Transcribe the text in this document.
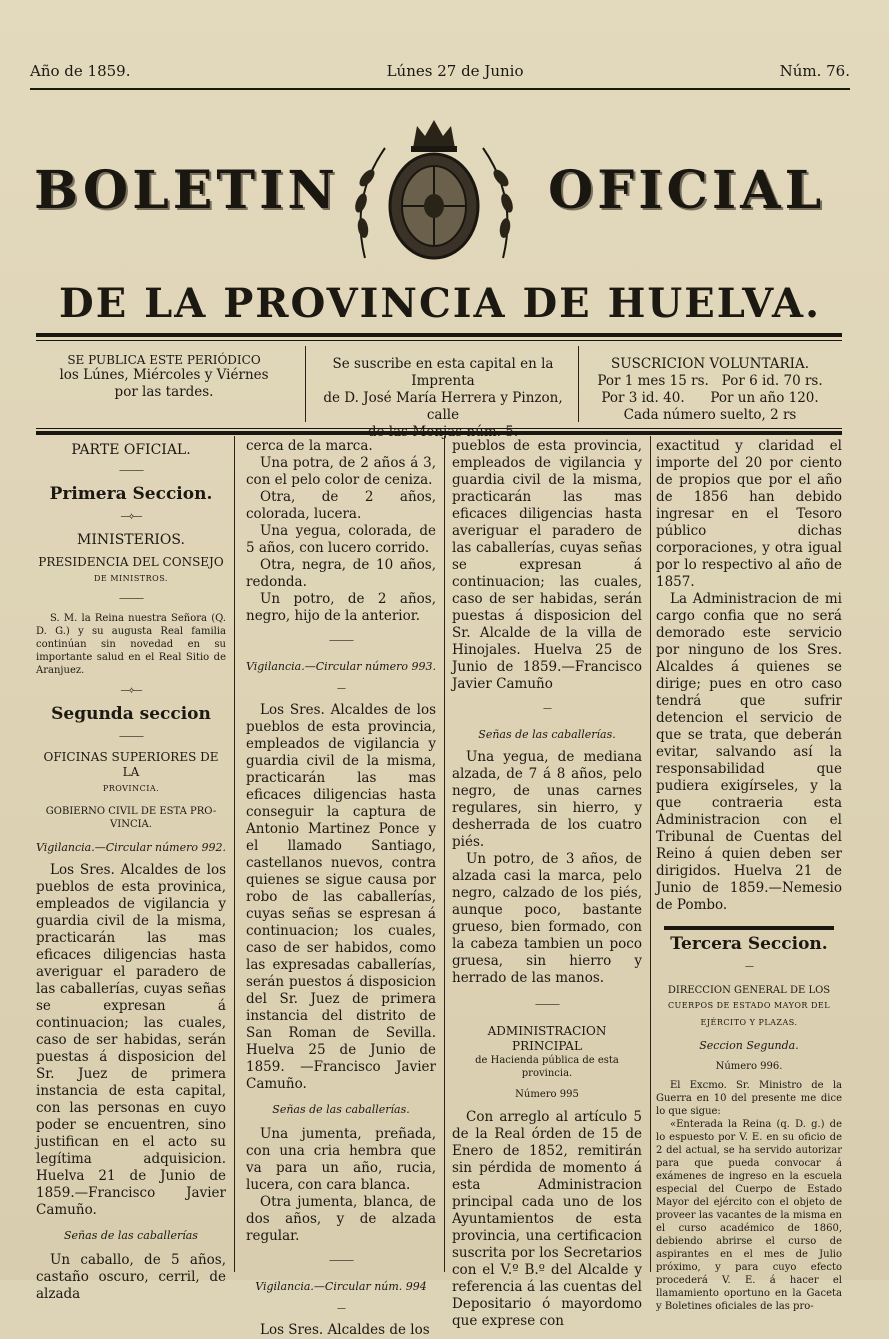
Año de 1859.	Lúnes 27 de Junio	Núm. 76.
BOLETIN	OFICIAL
DE LA PROVINCIA DE HUELVA.
SE PUBLICA ESTE PERIÓDICO
los Lúnes, Miércoles y Viérnes
por las tardes.
Se suscribe en esta capital en la Imprenta
de D. José María Herrera y Pinzon, calle
SUSCRICION VOLUNTARIA.
Por 1 mes 15 rs.   Por 6 id. 70 rs.
Por 3 id. 40.      Por un año 120.
Cada número suelto, 2 rs

PARTE OFICIAL.

———
Primera Seccion.
—⟡—

MINISTERIOS.

PRESIDENCIA DEL CONSEJO

DE MINISTROS.

———

S. M. la Reina nuestra Señora (Q. D. G.) y su augusta Real familia continúan sin novedad en su importante salud en el Real Sitio de Aranjuez.

—⟡—
Segunda seccion
———

OFICINAS SUPERIORES DE LA

PROVINCIA.

GOBIERNO CIVIL DE ESTA PRO-VINCIA.

Vigilancia.—Circular número 992.

Los Sres. Alcaldes de los pueblos de esta provinica, empleados de vigilancia y guardia civil de la misma, practicarán las mas eficaces diligencias hasta averiguar el paradero de las caballerías, cuyas señas se expresan á continuacion; las cuales, caso de ser habidas, serán puestas á disposicion del Sr. Juez de primera instancia de esta capital, con las personas en cuyo poder se encuentren, sino justifican en el acto su legítima adquisicion. Huelva 21 de Junio de 1859.—Francisco Javier Camuño.

Señas de las caballerías

Un caballo, de 5 años, castaño oscuro, cerril, de alzada

cerca de la marca.

Una potra, de 2 años á 3, con el pelo color de ceniza.

Otra, de 2 años, colorada, lucera.

Una yegua, colorada, de 5 años, con lucero corrido.

Otra, negra, de 10 años, redonda.

Un potro, de 2 años, negro, hijo de la anterior.

———

Vigilancia.—Circular número 993.

—

Los Sres. Alcaldes de los pueblos de esta provincia, empleados de vigilancia y guardia civil de la misma, practicarán las mas eficaces diligencias hasta conseguir la captura de Antonio Martinez Ponce y el llamado Santiago, castellanos nuevos, contra quienes se sigue causa por robo de las caballerías, cuyas señas se espresan á continuacion; los cuales, caso de ser habidos, como las expresadas caballerías, serán puestos á disposicion del Sr. Juez de primera instancia del distrito de San Roman de Sevilla. Huelva 25 de Junio de 1859. —Francisco Javier Camuño.

Señas de las caballerías.

Una jumenta, preñada, con una cria hembra que va para un año, rucia, lucera, con cara blanca.

Otra jumenta, blanca, de dos años, y de alzada regular.

———

Vigilancia.—Circular núm. 994

—

Los Sres. Alcaldes de los

pueblos de esta provincia, empleados de vigilancia y guardia civil de la misma, practicarán las mas eficaces diligencias hasta averiguar el paradero de las caballerías, cuyas señas se expresan á continuacion; las cuales, caso de ser habidas, serán puestas á disposicion del Sr. Alcalde de la villa de Hinojales. Huelva 25 de Junio de 1859.—Francisco Javier Camuño

—

Señas de las caballerías.

Una yegua, de mediana alzada, de 7 á 8 años, pelo negro, de unas carnes regulares, sin hierro, y desherrada de los cuatro piés.

Un potro, de 3 años, de alzada casi la marca, pelo negro, calzado de los piés, aunque poco, bastante grueso, bien formado, con la cabeza tambien un poco gruesa, sin hierro y herrado de las manos.

———

ADMINISTRACION PRINCIPAL

de Hacienda pública de esta provincia.

Número 995

Con arreglo al artículo 5 de la Real órden de 15 de Enero de 1852, remitirán sin pérdida de momento á esta Administracion principal cada uno de los Ayuntamientos de esta provincia, una certificacion suscrita por los Secretarios con el V.º B.º del Alcalde y referencia á las cuentas del Depositario ó mayordomo que exprese con

exactitud y claridad el importe del 20 por ciento de propios que por el año de 1856 han debido ingresar en el Tesoro público dichas corporaciones, y otra igual por lo respectivo al año de 1857.

La Administracion de mi cargo confia que no será demorado este servicio por ninguno de los Sres. Alcaldes á quienes se dirige; pues en otro caso tendrá que sufrir detencion el servicio de que se trata, que deberán evitar, salvando así la responsabilidad que pudiera exigírseles, y la que contraeria esta Administracion con el Tribunal de Cuentas del Reino á quien deben ser dirigidos. Huelva 21 de Junio de 1859.—Nemesio de Pombo.

Tercera Seccion.
—

DIRECCION GENERAL DE LOS

CUERPOS DE ESTADO MAYOR DEL EJÉRCITO Y PLAZAS.

Seccion Segunda.

Número 996.

El Excmo. Sr. Ministro de la Guerra en 10 del presente me dice lo que sigue:

«Enterada la Reina (q. D. g.) de lo espuesto por V. E. en su oficio de 2 del actual, se ha servido autorizar para que pueda convocar á exámenes de ingreso en la escuela especial del Cuerpo de Estado Mayor del ejército con el objeto de proveer las vacantes de la misma en el curso académico de 1860, debiendo abrirse el curso de aspirantes en el mes de Julio próximo, y para cuyo efecto procederá V. E. á hacer el llamamiento oportuno en la Gaceta y Boletines oficiales de las pro-
